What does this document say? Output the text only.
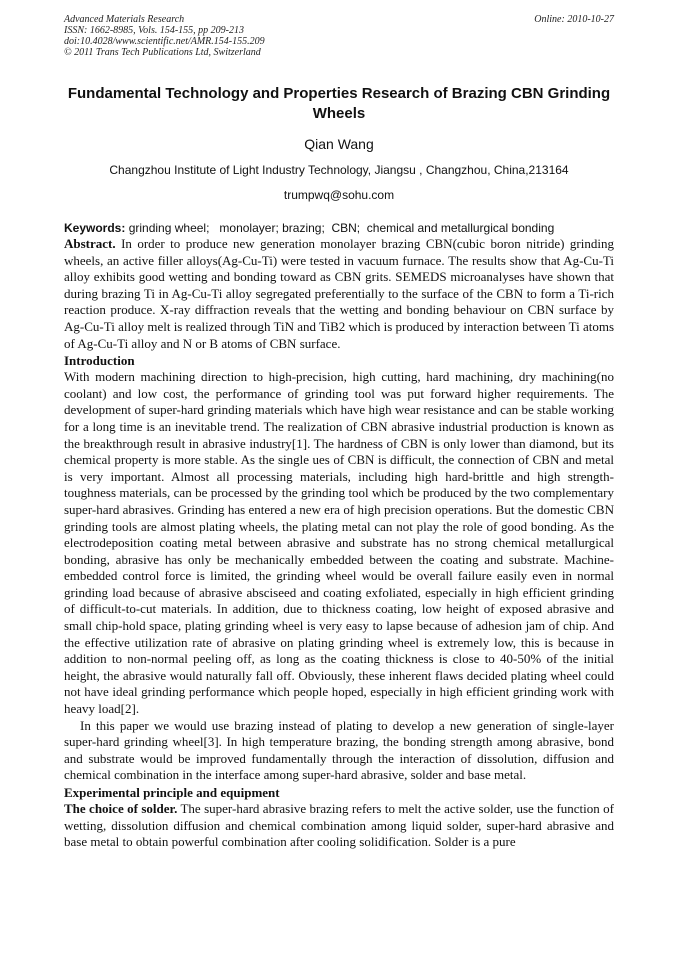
Advanced Materials Research
ISSN: 1662-8985, Vols. 154-155, pp 209-213
doi:10.4028/www.scientific.net/AMR.154-155.209
© 2011 Trans Tech Publications Ltd, Switzerland
Online: 2010-10-27
Fundamental Technology and Properties Research of Brazing CBN Grinding Wheels
Qian Wang
Changzhou Institute of Light Industry Technology, Jiangsu , Changzhou, China,213164
trumpwq@sohu.com
Keywords: grinding wheel;   monolayer; brazing;  CBN;  chemical and metallurgical bonding

Abstract. In order to produce new generation monolayer brazing CBN(cubic boron nitride) grinding wheels, an active filler alloys(Ag-Cu-Ti) were tested in vacuum furnace. The results show that Ag-Cu-Ti alloy exhibits good wetting and bonding toward as CBN grits. SEMEDS microanalyses have shown that during brazing Ti in Ag-Cu-Ti alloy segregated preferentially to the surface of the CBN to form a Ti-rich reaction produce. X-ray diffraction reveals that the wetting and bonding behaviour on CBN surface by Ag-Cu-Ti alloy melt is realized through TiN and TiB2 which is produced by interaction between Ti atoms of Ag-Cu-Ti alloy and N or B atoms of CBN surface.

Introduction

With modern machining direction to high-precision, high cutting, hard machining, dry machining(no coolant) and low cost, the performance of grinding tool was put forward higher requirements. The development of super-hard grinding materials which have high wear resistance and can be stable working for a long time is an inevitable trend. The realization of CBN abrasive industrial production is known as the breakthrough result in abrasive industry[1]. The hardness of CBN is only lower than diamond, but its chemical property is more stable. As the single ues of CBN is difficult, the connection of CBN and metal is very important. Almost all processing materials, including high hard-brittle and high strength-toughness materials, can be processed by the grinding tool which be produced by the two complementary super-hard abrasives. Grinding has entered a new era of high precision operations. But the domestic CBN grinding tools are almost plating wheels, the plating metal can not play the role of good bonding. As the electrodeposition coating metal between abrasive and substrate has no strong chemical metallurgical bonding, abrasive has only be mechanically embedded between the coating and substrate. Machine-embedded control force is limited, the grinding wheel would be overall failure easily even in normal grinding load because of abrasive absciseed and coating exfoliated, especially in high efficient grinding of difficult-to-cut materials. In addition, due to thickness coating, low height of exposed abrasive and small chip-hold space, plating grinding wheel is very easy to lapse because of adhesion jam of chip. And the effective utilization rate of abrasive on plating grinding wheel is extremely low, this is because in addition to non-normal peeling off, as long as the coating thickness is close to 40-50% of the initial height, the abrasive would naturally fall off. Obviously, these inherent flaws decided plating wheel could not have ideal grinding performance which people hoped, especially in high efficient grinding work with heavy load[2].

In this paper we would use brazing instead of plating to develop a new generation of single-layer super-hard grinding wheel[3]. In high temperature brazing, the bonding strength among abrasive, bond and substrate would be improved fundamentally through the interaction of dissolution, diffusion and chemical combination in the interface among super-hard abrasive, solder and base metal.

Experimental principle and equipment

The choice of solder. The super-hard abrasive brazing refers to melt the active solder, use the function of wetting, dissolution diffusion and chemical combination among liquid solder, super-hard abrasive and base metal to obtain powerful combination after cooling solidification. Solder is a pure
